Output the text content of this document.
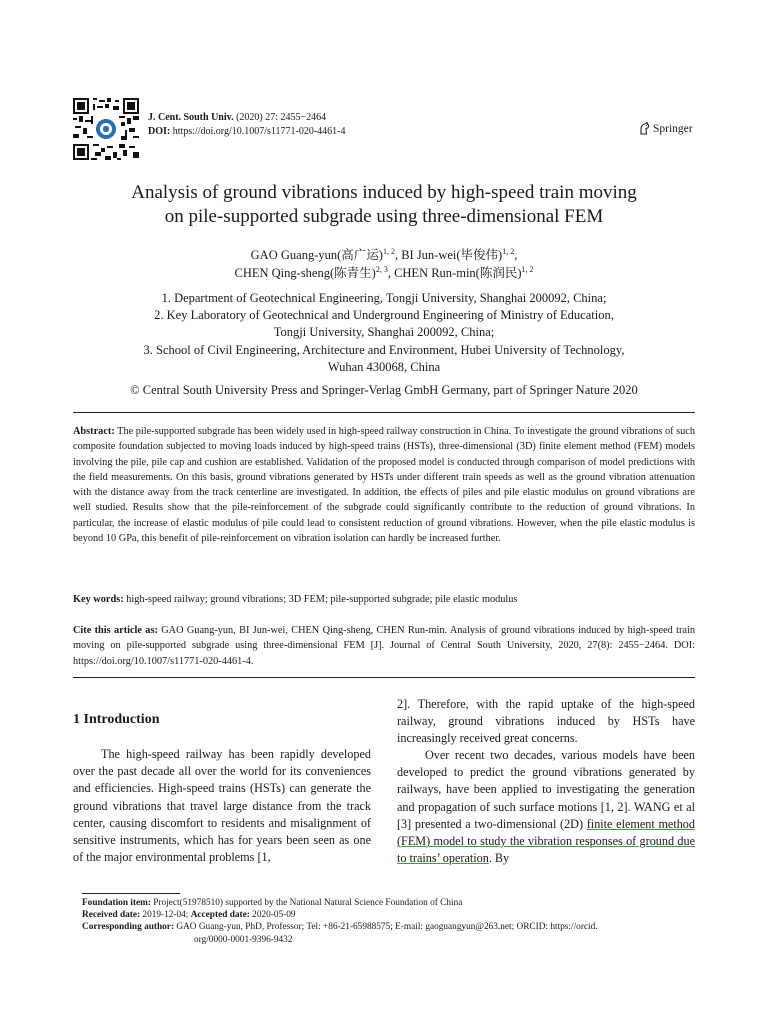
J. Cent. South Univ. (2020) 27: 2455−2464
DOI: https://doi.org/10.1007/s11771-020-4461-4	Springer
Analysis of ground vibrations induced by high-speed train moving
on pile-supported subgrade using three-dimensional FEM
GAO Guang-yun(高广运)$^{1, 2}$, BI Jun-wei(毕俊伟)$^{1, 2}$,
CHEN Qing-sheng(陈青生)$^{2, 3}$, CHEN Run-min(陈润民)$^{1, 2}$
1. Department of Geotechnical Engineering, Tongji University, Shanghai 200092, China;
2. Key Laboratory of Geotechnical and Underground Engineering of Ministry of Education,
Tongji University, Shanghai 200092, China;
3. School of Civil Engineering, Architecture and Environment, Hubei University of Technology,
Wuhan 430068, China
© Central South University Press and Springer-Verlag GmbH Germany, part of Springer Nature 2020
Abstract: The pile-supported subgrade has been widely used in high-speed railway construction in China. To investigate the ground vibrations of such composite foundation subjected to moving loads induced by high-speed trains (HSTs), three-dimensional (3D) finite element method (FEM) models involving the pile, pile cap and cushion are established. Validation of the proposed model is conducted through comparison of model predictions with the field measurements. On this basis, ground vibrations generated by HSTs under different train speeds as well as the ground vibration attenuation with the distance away from the track centerline are investigated. In addition, the effects of piles and pile elastic modulus on ground vibrations are well studied. Results show that the pile-reinforcement of the subgrade could significantly contribute to the reduction of ground vibrations. In particular, the increase of elastic modulus of pile could lead to consistent reduction of ground vibrations. However, when the pile elastic modulus is beyond 10 GPa, this benefit of pile-reinforcement on vibration isolation can hardly be increased further.
Key words: high-speed railway; ground vibrations; 3D FEM; pile-supported subgrade; pile elastic modulus
Cite this article as: GAO Guang-yun, BI Jun-wei, CHEN Qing-sheng, CHEN Run-min. Analysis of ground vibrations induced by high-speed train moving on pile-supported subgrade using three-dimensional FEM [J]. Journal of Central South University, 2020, 27(8): 2455−2464. DOI: https://doi.org/10.1007/s11771-020-4461-4.
1 Introduction
The high-speed railway has been rapidly developed over the past decade all over the world for its conveniences and efficiencies. High-speed trains (HSTs) can generate the ground vibrations that travel large distance from the track center, causing discomfort to residents and misalignment of sensitive instruments, which has for years been seen as one of the major environmental problems [1,
2]. Therefore, with the rapid uptake of the high-speed railway, ground vibrations induced by HSTs have increasingly received great concerns.
Over recent two decades, various models have been developed to predict the ground vibrations generated by railways, have been applied to investigating the generation and propagation of such surface motions [1, 2]. WANG et al [3] presented a two-dimensional (2D) finite element method (FEM) model to study the vibration responses of ground due to trains’ operation. By
Foundation item: Project(51978510) supported by the National Natural Science Foundation of China
Received date: 2019-12-04; Accepted date: 2020-05-09
Corresponding author: GAO Guang-yun, PhD, Professor; Tel: +86-21-65988575; E-mail: gaoguangyun@263.net; ORCID: https://orcid.
org/0000-0001-9396-9432
